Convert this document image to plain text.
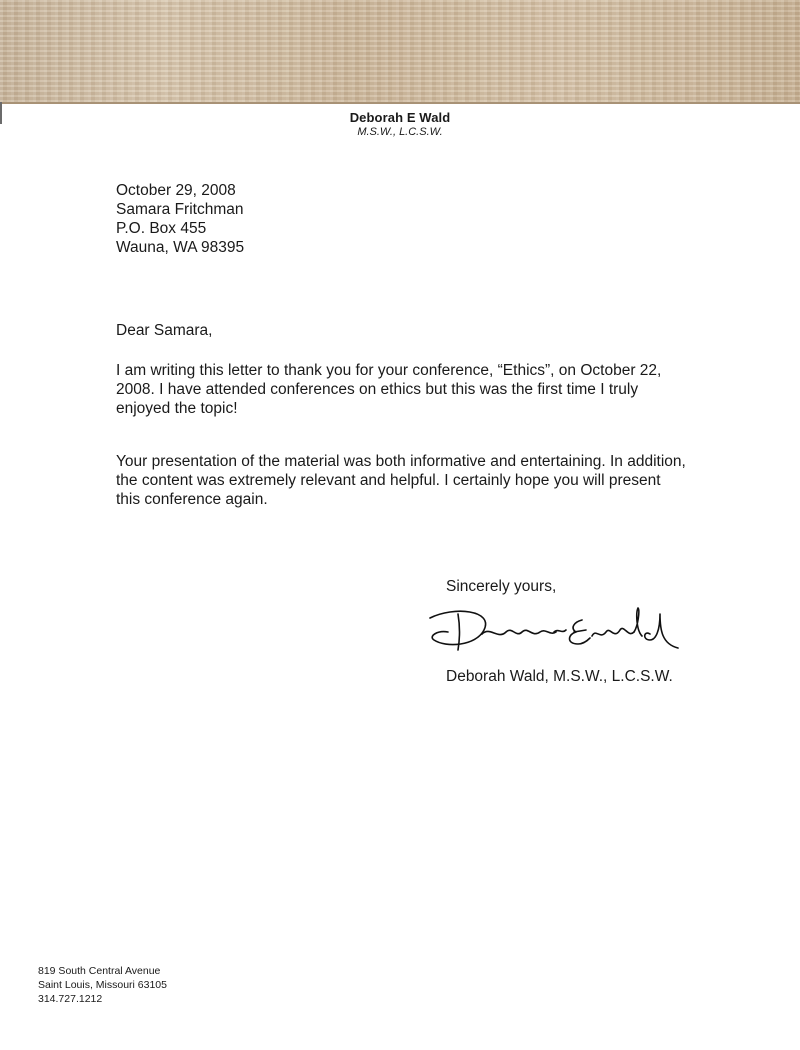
Deborah E Wald
M.S.W., L.C.S.W.
October 29, 2008
Samara Fritchman
P.O. Box 455
Wauna, WA 98395
Dear Samara,
I am writing this letter to thank you for your conference, “Ethics”, on October 22, 2008. I have attended conferences on ethics but this was the first time I truly enjoyed the topic!
Your presentation of the material was both informative and entertaining. In addition, the content was extremely relevant and helpful. I certainly hope you will present this conference again.
Sincerely yours,
Deborah Wald, M.S.W., L.C.S.W.
819 South Central Avenue
Saint Louis, Missouri 63105
314.727.1212
